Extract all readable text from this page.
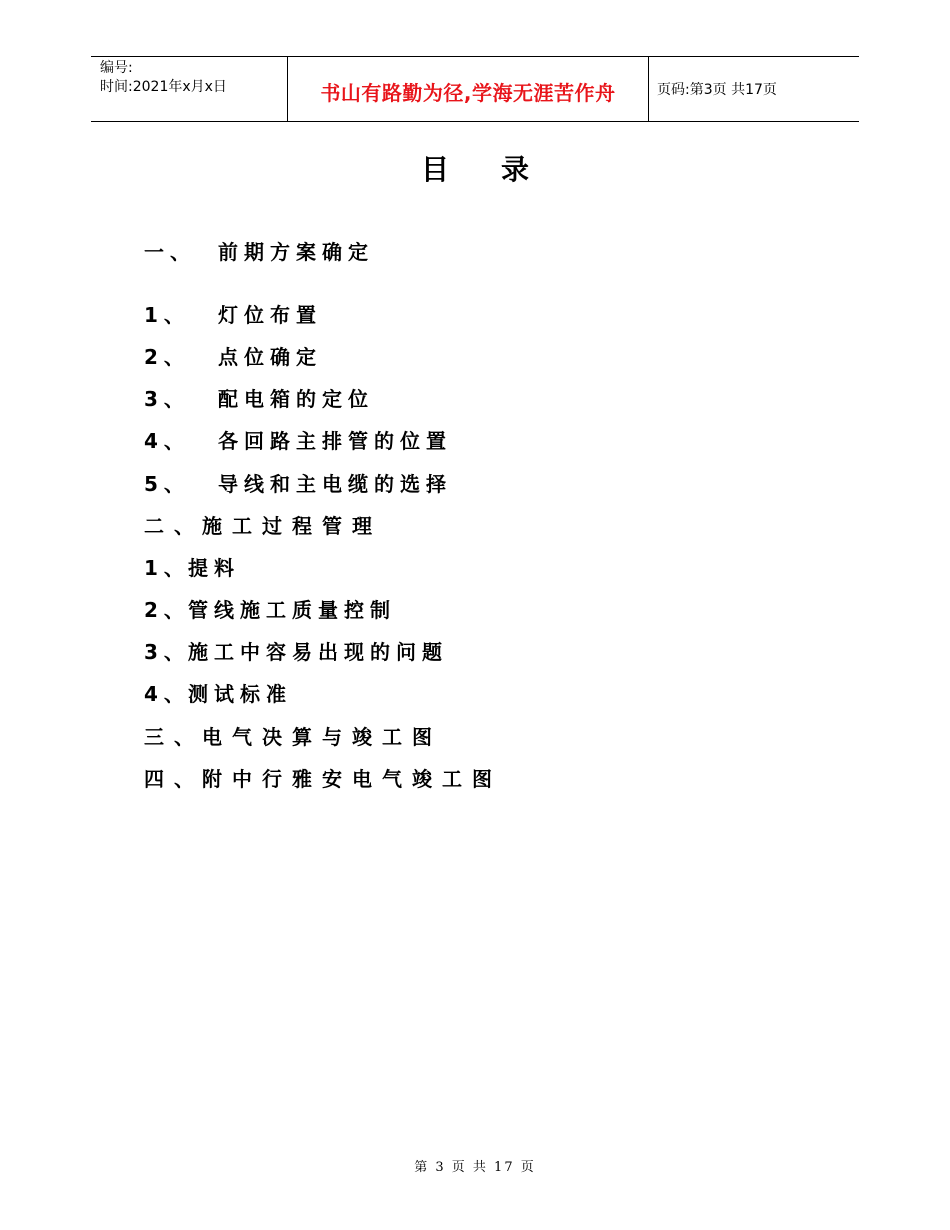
编号:
时间:2021年x月x日	书山有路勤为径,学海无涯苦作舟	页码:第3页 共17页
目录
一、 前期方案确定
1、 灯位布置
2、 点位确定
3、 配电箱的定位
4、 各回路主排管的位置
5、 导线和主电缆的选择
二、施工过程管理
1、提料
2、管线施工质量控制
3、施工中容易出现的问题
4、测试标准
三、电气决算与竣工图
四、附中行雅安电气竣工图
第 3 页 共 17 页
